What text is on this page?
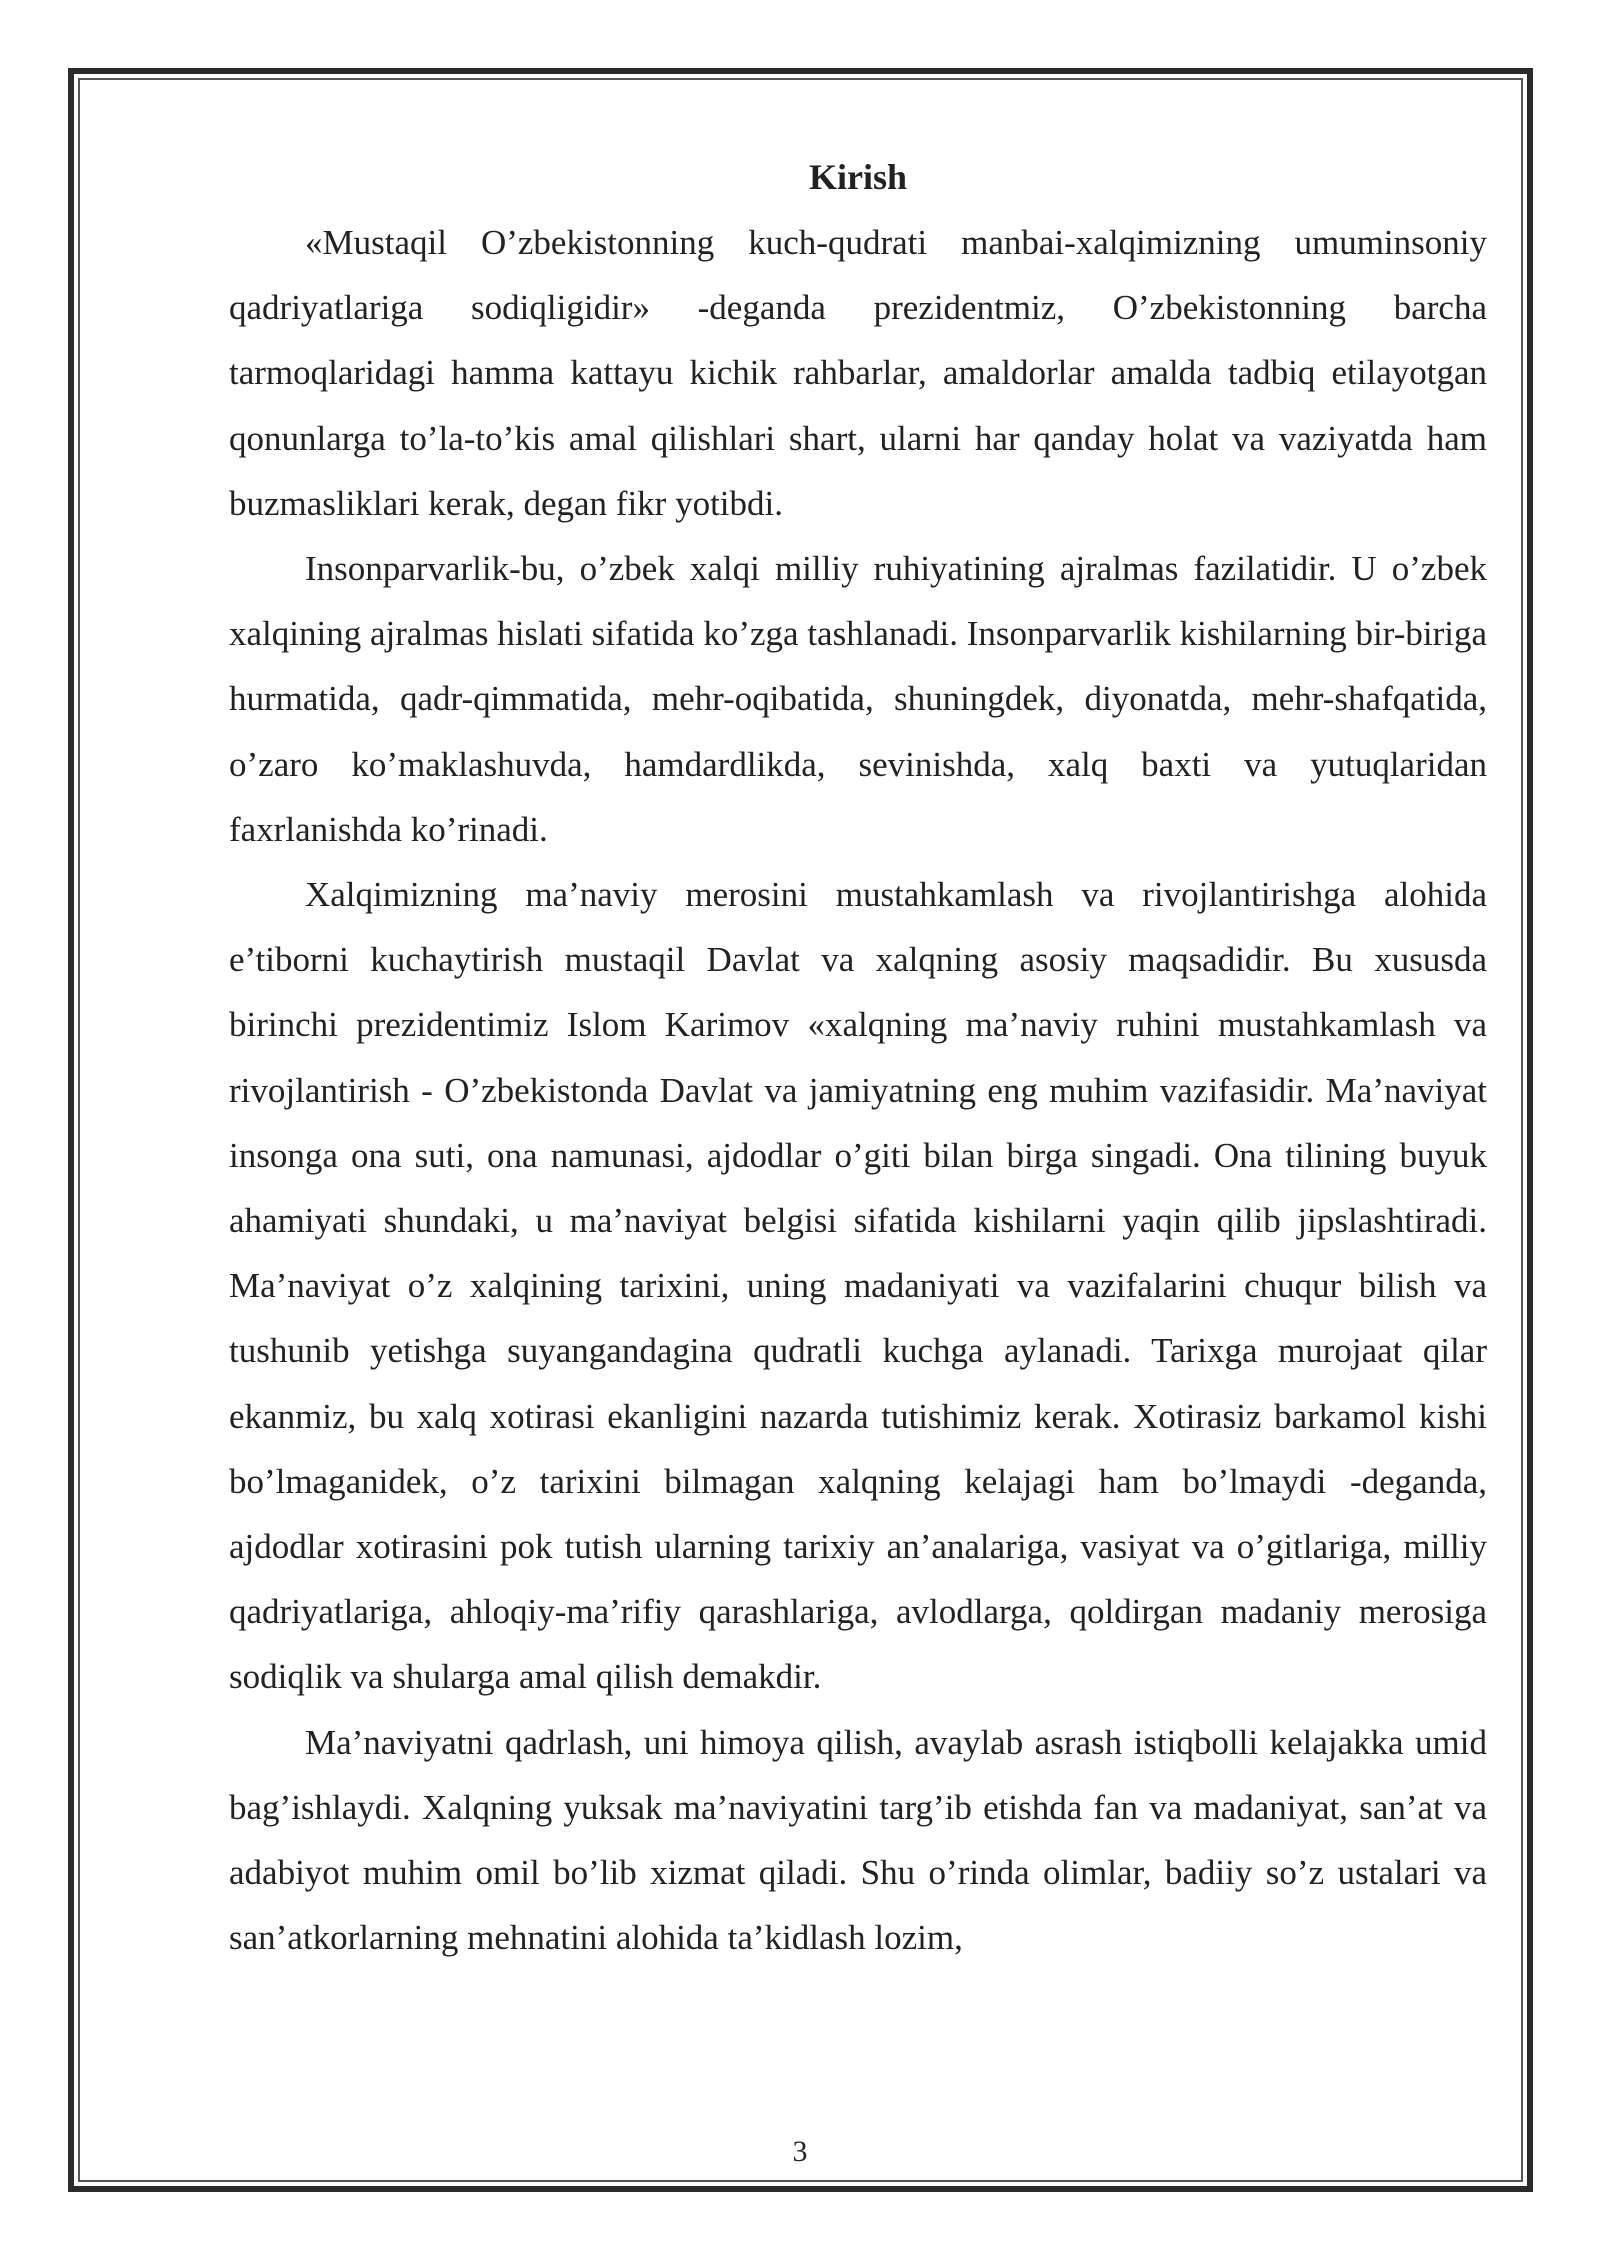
Kirish

«Mustaqil O’zbekistonning kuch-qudrati manbai-xalqimizning umuminsoniy qadriyatlariga sodiqligidir» -deganda prezidentmiz, O’zbekistonning barcha tarmoqlaridagi hamma kattayu kichik rahbarlar, amaldorlar amalda tadbiq etilayotgan qonunlarga to’la-to’kis amal qilishlari shart, ularni har qanday holat va vaziyatda ham buzmasliklari kerak, degan fikr yotibdi.

Insonparvarlik-bu, o’zbek xalqi milliy ruhiyatining ajralmas fazilatidir. U o’zbek xalqining ajralmas hislati sifatida ko’zga tashlanadi. Insonparvarlik kishilarning bir-biriga hurmatida, qadr-qimmatida, mehr-oqibatida, shuningdek, diyonatda, mehr-shafqatida, o’zaro ko’maklashuvda, hamdardlikda, sevinishda, xalq baxti va yutuqlaridan faxrlanishda ko’rinadi.

Xalqimizning ma’naviy merosini mustahkamlash va rivojlantirishga alohida e’tiborni kuchaytirish mustaqil Davlat va xalqning asosiy maqsadidir. Bu xususda birinchi prezidentimiz Islom Karimov «xalqning ma’naviy ruhini mustahkamlash va rivojlantirish - O’zbekistonda Davlat va jamiyatning eng muhim vazifasidir. Ma’naviyat insonga ona suti, ona namunasi, ajdodlar o’giti bilan birga singadi. Ona tilining buyuk ahamiyati shundaki, u ma’naviyat belgisi sifatida kishilarni yaqin qilib jipslashtiradi. Ma’naviyat o’z xalqining tarixini, uning madaniyati va vazifalarini chuqur bilish va tushunib yetishga suyangandagina qudratli kuchga aylanadi. Tarixga murojaat qilar ekanmiz, bu xalq xotirasi ekanligini nazarda tutishimiz kerak. Xotirasiz barkamol kishi bo’lmaganidek, o’z tarixini bilmagan xalqning kelajagi ham bo’lmaydi -deganda, ajdodlar xotirasini pok tutish ularning tarixiy an’analariga, vasiyat va o’gitlariga, milliy qadriyatlariga, ahloqiy-ma’rifiy qarashlariga, avlodlarga, qoldirgan madaniy merosiga sodiqlik va shularga amal qilish demakdir.

Ma’naviyatni qadrlash, uni himoya qilish, avaylab asrash istiqbolli kelajakka umid bag’ishlaydi. Xalqning yuksak ma’naviyatini targ’ib etishda fan va madaniyat, san’at va adabiyot muhim omil bo’lib xizmat qiladi. Shu o’rinda olimlar, badiiy so’z ustalari va san’atkorlarning mehnatini alohida ta’kidlash lozim,

3
